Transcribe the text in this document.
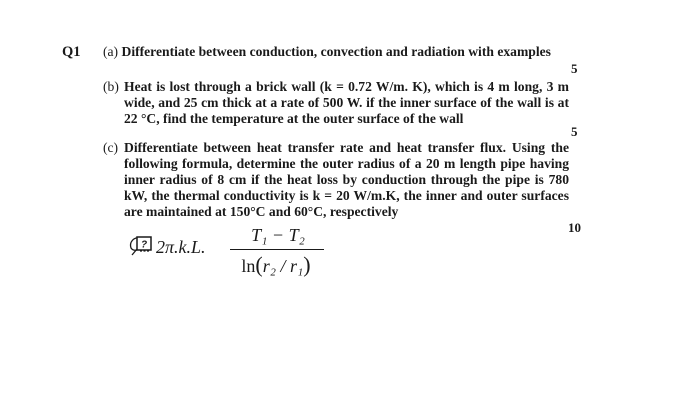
Q1 (a) Differentiate between conduction, convection and radiation with examples
5
(b) Heat is lost through a brick wall (k = 0.72 W/m. K), which is 4 m long, 3 m wide, and 25 cm thick at a rate of 500 W. if the inner surface of the wall is at 22 °C, find the temperature at the outer surface of the wall
5
(c) Differentiate between heat transfer rate and heat transfer flux. Using the following formula, determine the outer radius of a 20 m length pipe having inner radius of 8 cm if the heat loss by conduction through the pipe is 780 kW, the thermal conductivity is k = 20 W/m.K, the inner and outer surfaces are maintained at 150°C and 60°C, respectively
10
? 2π.k.L.
T₁ − T₂
ln(r₂ / r₁)
